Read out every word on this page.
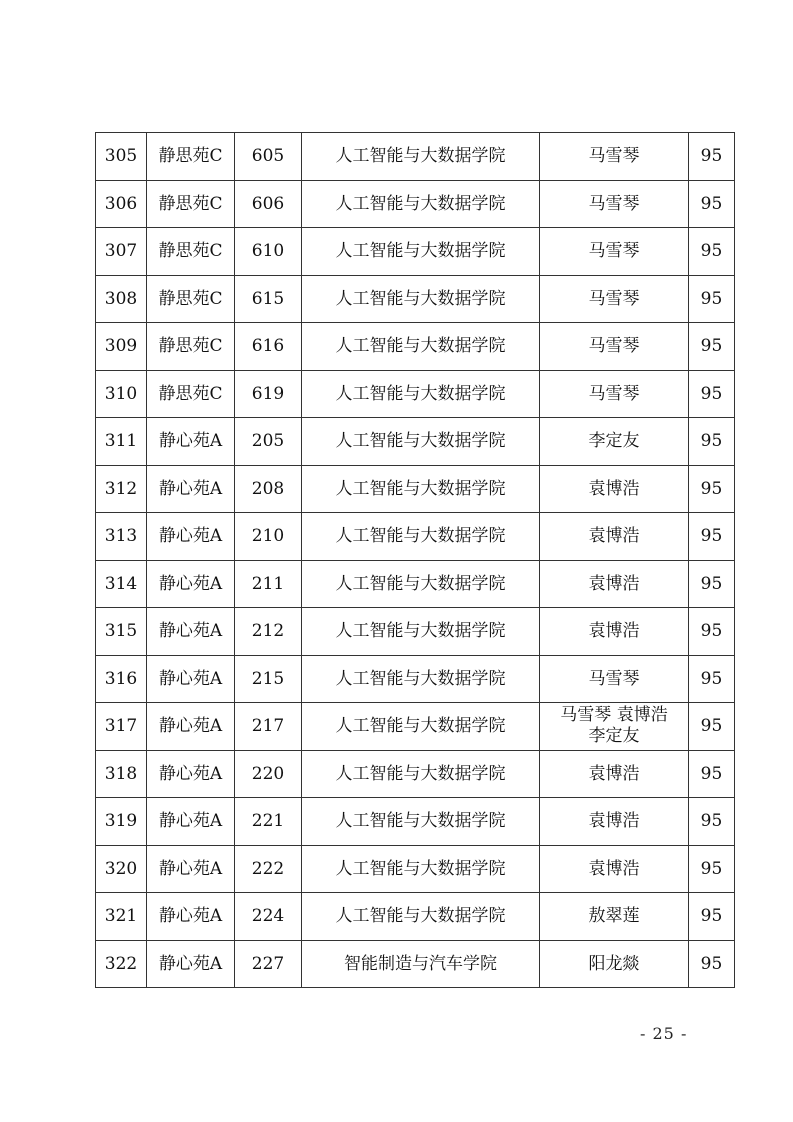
305	静思苑C	605	人工智能与大数据学院	马雪琴	95
306	静思苑C	606	人工智能与大数据学院	马雪琴	95
307	静思苑C	610	人工智能与大数据学院	马雪琴	95
308	静思苑C	615	人工智能与大数据学院	马雪琴	95
309	静思苑C	616	人工智能与大数据学院	马雪琴	95
310	静思苑C	619	人工智能与大数据学院	马雪琴	95
311	静心苑A	205	人工智能与大数据学院	李定友	95
312	静心苑A	208	人工智能与大数据学院	袁博浩	95
313	静心苑A	210	人工智能与大数据学院	袁博浩	95
314	静心苑A	211	人工智能与大数据学院	袁博浩	95
315	静心苑A	212	人工智能与大数据学院	袁博浩	95
316	静心苑A	215	人工智能与大数据学院	马雪琴	95
317	静心苑A	217	人工智能与大数据学院	马雪琴 袁博浩
李定友	95
318	静心苑A	220	人工智能与大数据学院	袁博浩	95
319	静心苑A	221	人工智能与大数据学院	袁博浩	95
320	静心苑A	222	人工智能与大数据学院	袁博浩	95
321	静心苑A	224	人工智能与大数据学院	敖翠莲	95
322	静心苑A	227	智能制造与汽车学院	阳龙燚	95
- 25 -
